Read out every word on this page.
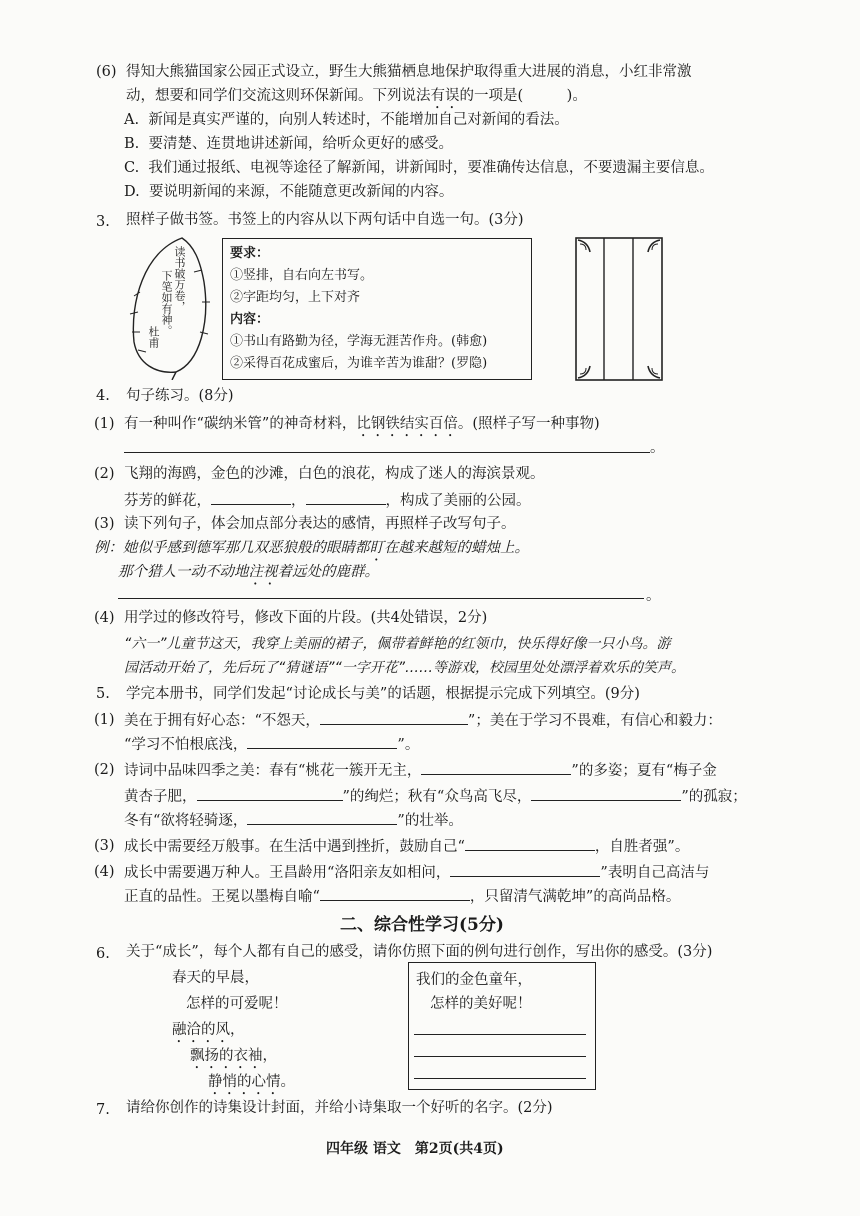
(6) 得知大熊猫国家公园正式设立，野生大熊猫栖息地保护取得重大进展的消息，小红非常激
动，想要和同学们交流这则环保新闻。下列说法有误的一项是(　　　)。
A. 新闻是真实严谨的，向别人转述时，不能增加自己对新闻的看法。
B. 要清楚、连贯地讲述新闻，给听众更好的感受。
C. 我们通过报纸、电视等途径了解新闻，讲新闻时，要准确传达信息，不要遗漏主要信息。
D. 要说明新闻的来源，不能随意更改新闻的内容。
3. 照样子做书签。书签上的内容从以下两句话中自选一句。(3分)
读书破万卷，
下笔如有神。
杜甫
要求：
①竖排，自右向左书写。
②字距均匀，上下对齐
内容：
①书山有路勤为径，学海无涯苦作舟。(韩愈)
②采得百花成蜜后，为谁辛苦为谁甜？(罗隐)
4. 句子练习。(8分)
(1) 有一种叫作“碳纳米管”的神奇材料，比钢铁结实百倍。(照样子写一种事物)
。
(2) 飞翔的海鸥，金色的沙滩，白色的浪花，构成了迷人的海滨景观。
芬芳的鲜花，	，	，构成了美丽的公园。
(3) 读下列句子，体会加点部分表达的感情，再照样子改写句子。
例：她似乎感到德军那几双恶狼般的眼睛都盯在越来越短的蜡烛上。
那个猎人一动不动地注视着远处的鹿群。
。
(4) 用学过的修改符号，修改下面的片段。(共4处错误，2分)
“六一”儿童节这天，我穿上美丽的裙子，佩带着鲜艳的红领巾，快乐得好像一只小鸟。游
园活动开始了，先后玩了“猜谜语”“一字开花”……等游戏，校园里处处漂浮着欢乐的笑声。
5. 学完本册书，同学们发起“讨论成长与美”的话题，根据提示完成下列填空。(9分)
(1) 美在于拥有好心态：“不怨天，	”；美在于学习不畏难，有信心和毅力：
“学习不怕根底浅，	”。
(2) 诗词中品味四季之美：春有“桃花一簇开无主，	”的多姿；夏有“梅子金
黄杏子肥，	”的绚烂；秋有“众鸟高飞尽，	”的孤寂；
冬有“欲将轻骑逐，	”的壮举。
(3) 成长中需要经万般事。在生活中遇到挫折，鼓励自己“	，自胜者强”。
(4) 成长中需要遇万种人。王昌龄用“洛阳亲友如相问，	”表明自己高洁与
正直的品性。王冕以墨梅自喻“	，只留清气满乾坤”的高尚品格。
二、综合性学习(5分)
6. 关于“成长”，每个人都有自己的感受，请你仿照下面的例句进行创作，写出你的感受。(3分)
春天的早晨，
怎样的可爱呢！
融洽的风，
飘扬的衣袖，
静悄的心情。
我们的金色童年，
怎样的美好呢！
7. 请给你创作的诗集设计封面，并给小诗集取一个好听的名字。(2分)
四年级 语文　第2页(共4页)
